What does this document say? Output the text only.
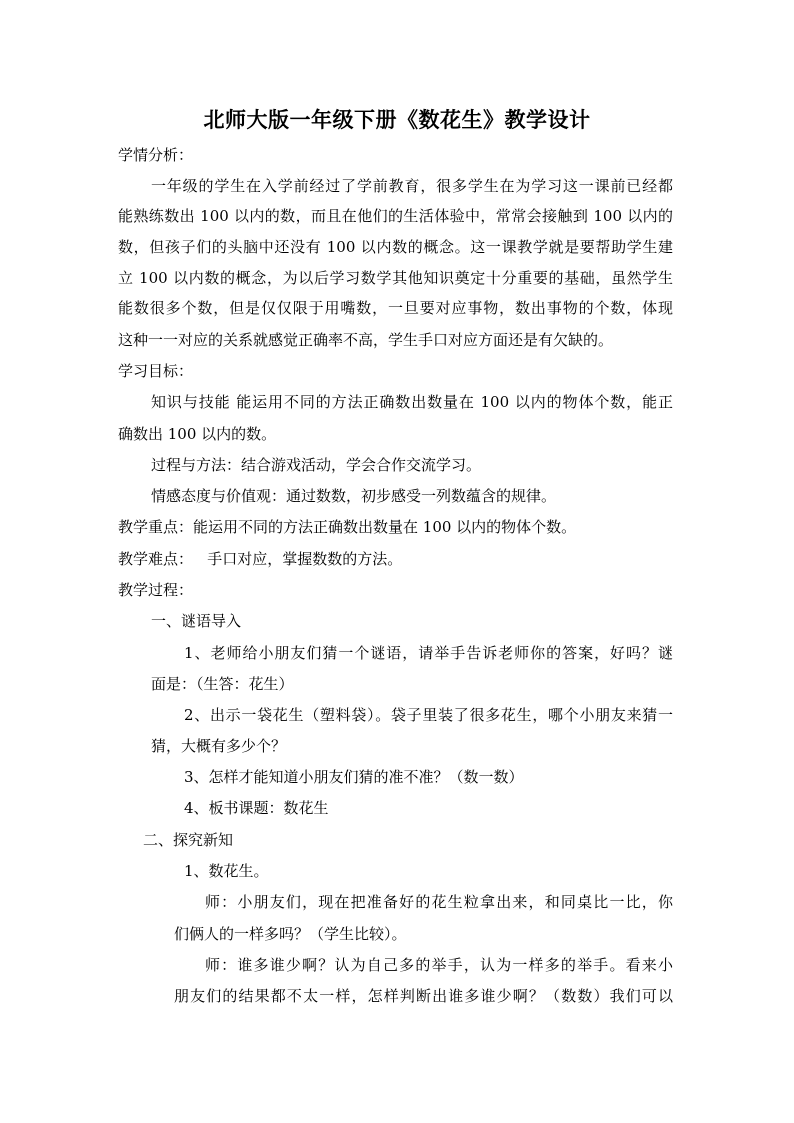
北师大版一年级下册《数花生》教学设计
学情分析：
一年级的学生在入学前经过了学前教育，很多学生在为学习这一课前已经都
能熟练数出 100 以内的数，而且在他们的生活体验中，常常会接触到 100 以内的
数，但孩子们的头脑中还没有 100 以内数的概念。这一课教学就是要帮助学生建
立 100 以内数的概念，为以后学习数学其他知识奠定十分重要的基础，虽然学生
能数很多个数，但是仅仅限于用嘴数，一旦要对应事物，数出事物的个数，体现
这种一一对应的关系就感觉正确率不高，学生手口对应方面还是有欠缺的。
学习目标：
知识与技能 能运用不同的方法正确数出数量在 100 以内的物体个数，能正
确数出 100 以内的数。
过程与方法：结合游戏活动，学会合作交流学习。
情感态度与价值观：通过数数，初步感受一列数蕴含的规律。
教学重点：能运用不同的方法正确数出数量在 100 以内的物体个数。
教学难点：   手口对应，掌握数数的方法。
教学过程：
一、谜语导入
1、老师给小朋友们猜一个谜语，请举手告诉老师你的答案，好吗？谜
面是：（生答：花生）
2、出示一袋花生（塑料袋）。袋子里装了很多花生，哪个小朋友来猜一
猜，大概有多少个？
3、怎样才能知道小朋友们猜的准不准？（数一数）
4、板书课题：数花生
二、探究新知
1、数花生。
师：小朋友们，现在把准备好的花生粒拿出来，和同桌比一比，你
们俩人的一样多吗？（学生比较）。
师：谁多谁少啊？认为自己多的举手，认为一样多的举手。看来小
朋友们的结果都不太一样，怎样判断出谁多谁少啊？（数数）我们可以
